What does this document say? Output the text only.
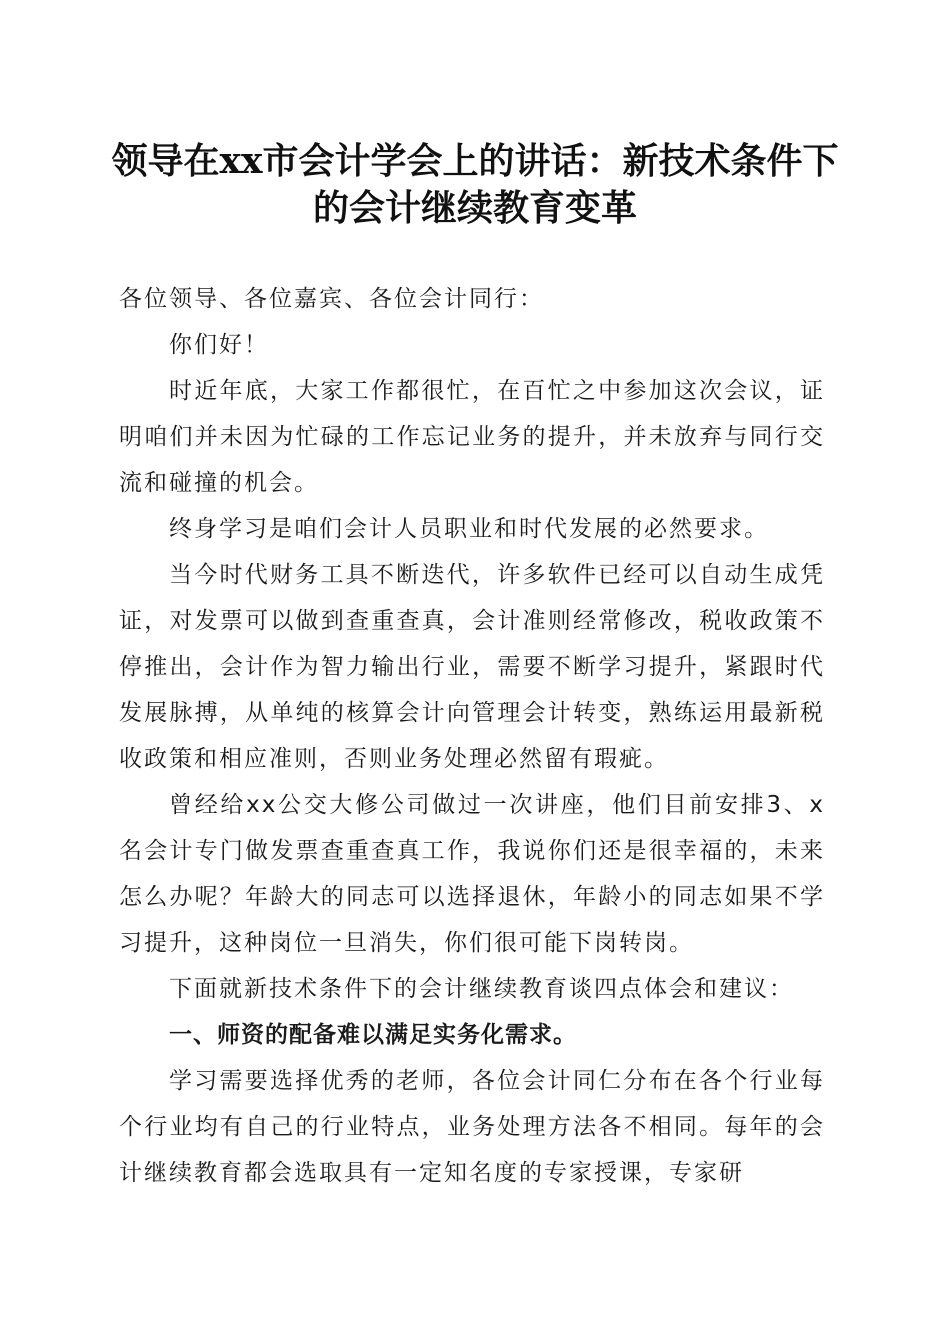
领导在xx市会计学会上的讲话：新技术条件下的会计继续教育变革

各位领导、各位嘉宾、各位会计同行：

你们好！

时近年底，大家工作都很忙，在百忙之中参加这次会议，证明咱们并未因为忙碌的工作忘记业务的提升，并未放弃与同行交流和碰撞的机会。

终身学习是咱们会计人员职业和时代发展的必然要求。

当今时代财务工具不断迭代，许多软件已经可以自动生成凭证，对发票可以做到查重查真，会计准则经常修改，税收政策不停推出，会计作为智力输出行业，需要不断学习提升，紧跟时代发展脉搏，从单纯的核算会计向管理会计转变，熟练运用最新税收政策和相应准则，否则业务处理必然留有瑕疵。

曾经给xx公交大修公司做过一次讲座，他们目前安排3、x名会计专门做发票查重查真工作，我说你们还是很幸福的，未来怎么办呢？年龄大的同志可以选择退休，年龄小的同志如果不学习提升，这种岗位一旦消失，你们很可能下岗转岗。

下面就新技术条件下的会计继续教育谈四点体会和建议：

一、师资的配备难以满足实务化需求。

学习需要选择优秀的老师，各位会计同仁分布在各个行业每个行业均有自己的行业特点，业务处理方法各不相同。每年的会计继续教育都会选取具有一定知名度的专家授课，专家研
